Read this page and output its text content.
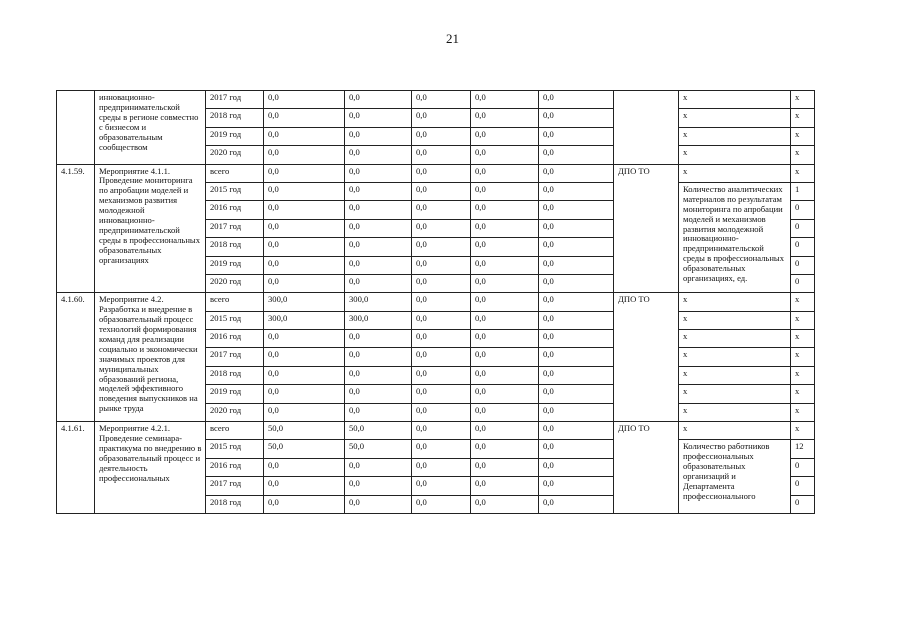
21
	инновационно-предпринимательской среды в регионе совместно с бизнесом и образовательным сообществом	2017 год	0,0	0,0	0,0	0,0	0,0		х	х
		2018 год	0,0	0,0	0,0	0,0	0,0		х	х
		2019 год	0,0	0,0	0,0	0,0	0,0		х	х
		2020 год	0,0	0,0	0,0	0,0	0,0		х	х
4.1.59.	Мероприятие 4.1.1. Проведение мониторинга по апробации моделей и механизмов развития молодежной инновационно-предпринимательской среды в профессиональных образовательных организациях	всего	0,0	0,0	0,0	0,0	0,0	ДПО ТО	х	х
		2015 год	0,0	0,0	0,0	0,0	0,0		Количество аналитических материалов по результатам мониторинга по апробации моделей и механизмов развития молодежной инновационно-предпринимательской среды в профессиональных образовательных организациях, ед.	1
		2016 год	0,0	0,0	0,0	0,0	0,0			0
		2017 год	0,0	0,0	0,0	0,0	0,0			0
		2018 год	0,0	0,0	0,0	0,0	0,0			0
		2019 год	0,0	0,0	0,0	0,0	0,0			0
		2020 год	0,0	0,0	0,0	0,0	0,0			0
4.1.60.	Мероприятие 4.2. Разработка и внедрение в образовательный процесс технологий формирования команд для реализации социально и экономически значимых проектов для муниципальных образований региона, моделей эффективного поведения выпускников на рынке труда	всего	300,0	300,0	0,0	0,0	0,0	ДПО ТО	х	х
		2015 год	300,0	300,0	0,0	0,0	0,0		х	х
		2016 год	0,0	0,0	0,0	0,0	0,0		х	х
		2017 год	0,0	0,0	0,0	0,0	0,0		х	х
		2018 год	0,0	0,0	0,0	0,0	0,0		х	х
		2019 год	0,0	0,0	0,0	0,0	0,0		х	х
		2020 год	0,0	0,0	0,0	0,0	0,0		х	х
4.1.61.	Мероприятие 4.2.1. Проведение семинара-практикума по внедрению в образовательный процесс и деятельность профессиональных	всего	50,0	50,0	0,0	0,0	0,0	ДПО ТО	х	х
		2015 год	50,0	50,0	0,0	0,0	0,0		Количество работников профессиональных образовательных организаций и Департамента профессионального	12
		2016 год	0,0	0,0	0,0	0,0	0,0			0
		2017 год	0,0	0,0	0,0	0,0	0,0			0
		2018 год	0,0	0,0	0,0	0,0	0,0			0
